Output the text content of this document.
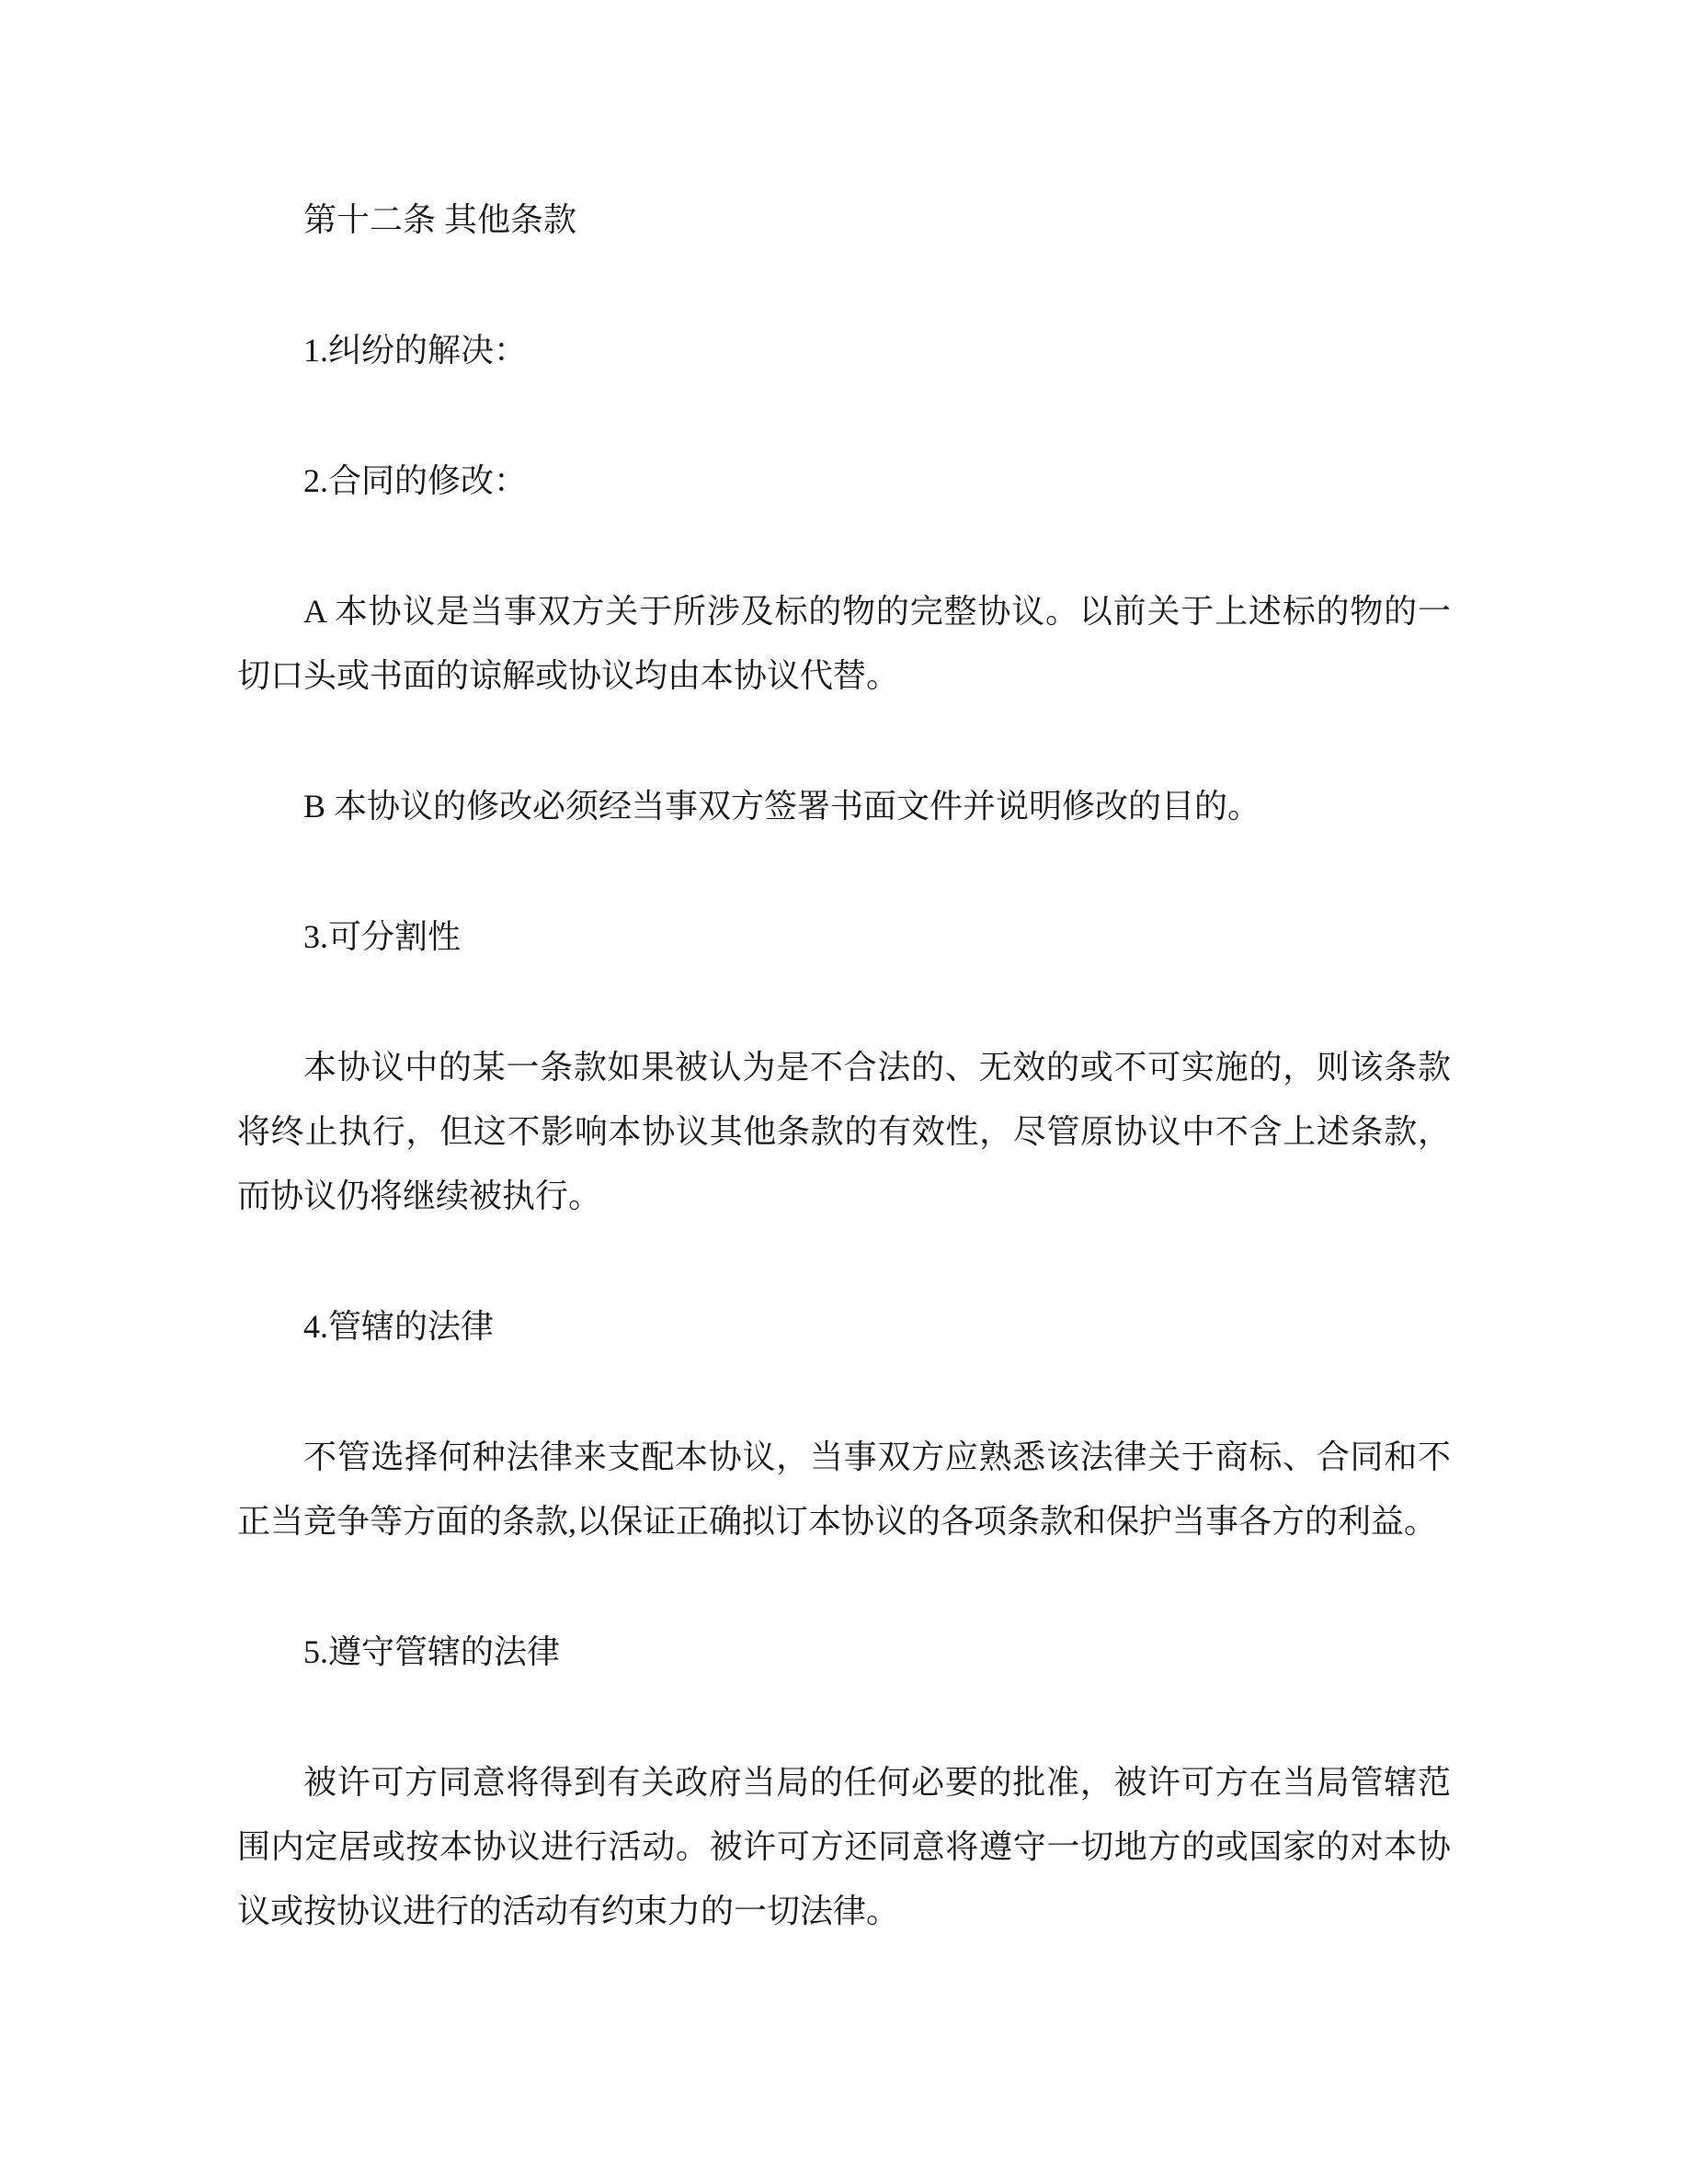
第十二条 其他条款

1.纠纷的解决：

2.合同的修改：

A 本协议是当事双方关于所涉及标的物的完整协议。以前关于上述标的物的一切口头或书面的谅解或协议均由本协议代替。

B 本协议的修改必须经当事双方签署书面文件并说明修改的目的。

3.可分割性

本协议中的某一条款如果被认为是不合法的、无效的或不可实施的，则该条款将终止执行，但这不影响本协议其他条款的有效性，尽管原协议中不含上述条款，而协议仍将继续被执行。

4.管辖的法律

不管选择何种法律来支配本协议，当事双方应熟悉该法律关于商标、合同和不正当竞争等方面的条款,以保证正确拟订本协议的各项条款和保护当事各方的利益。

5.遵守管辖的法律

被许可方同意将得到有关政府当局的任何必要的批准，被许可方在当局管辖范围内定居或按本协议进行活动。被许可方还同意将遵守一切地方的或国家的对本协议或按协议进行的活动有约束力的一切法律。
